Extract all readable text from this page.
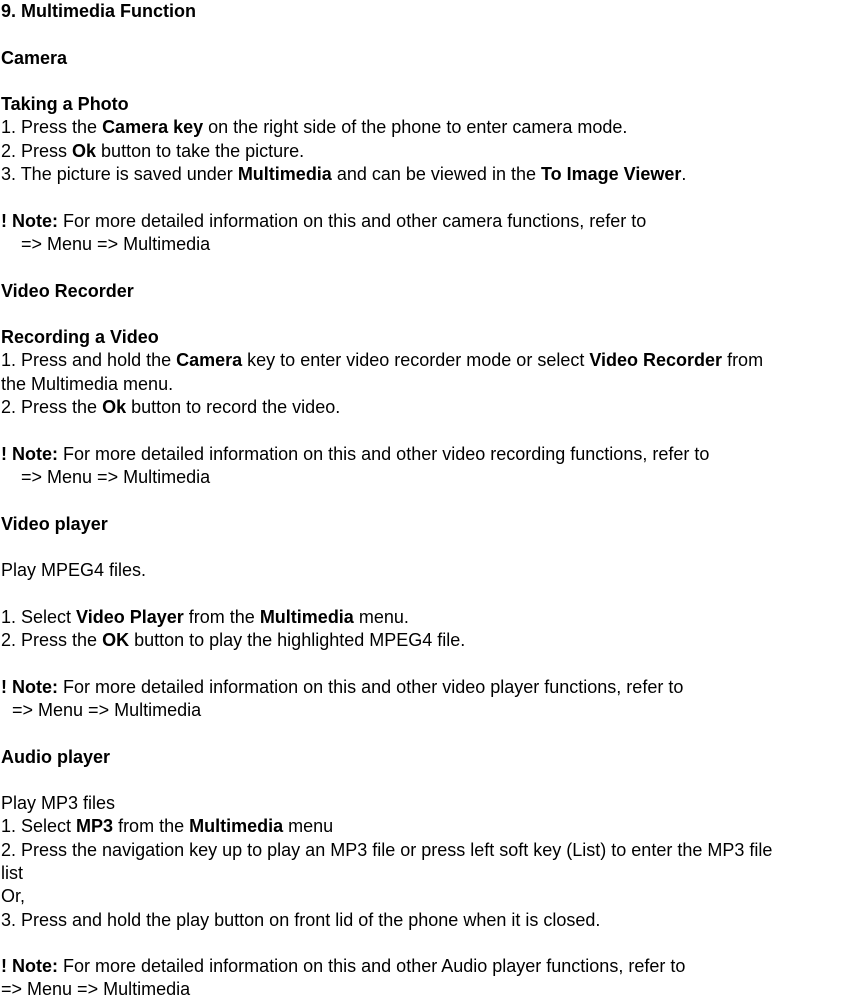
9. Multimedia Function
Camera
Taking a Photo
1. Press the Camera key on the right side of the phone to enter camera mode.
2. Press Ok button to take the picture.
3. The picture is saved under Multimedia and can be viewed in the To Image Viewer.
! Note: For more detailed information on this and other camera functions, refer to
=> Menu => Multimedia
Video Recorder
Recording a Video
1. Press and hold the Camera key to enter video recorder mode or select Video Recorder from
the Multimedia menu.
2. Press the Ok button to record the video.
! Note: For more detailed information on this and other video recording functions, refer to
=> Menu => Multimedia
Video player
Play MPEG4 files.
1. Select Video Player from the Multimedia menu.
2. Press the OK button to play the highlighted MPEG4 file.
! Note: For more detailed information on this and other video player functions, refer to
=> Menu => Multimedia
Audio player
Play MP3 files
1. Select MP3 from the Multimedia menu
2. Press the navigation key up to play an MP3 file or press left soft key (List) to enter the MP3 file
list
Or,
3. Press and hold the play button on front lid of the phone when it is closed.
! Note: For more detailed information on this and other Audio player functions, refer to
=> Menu => Multimedia
